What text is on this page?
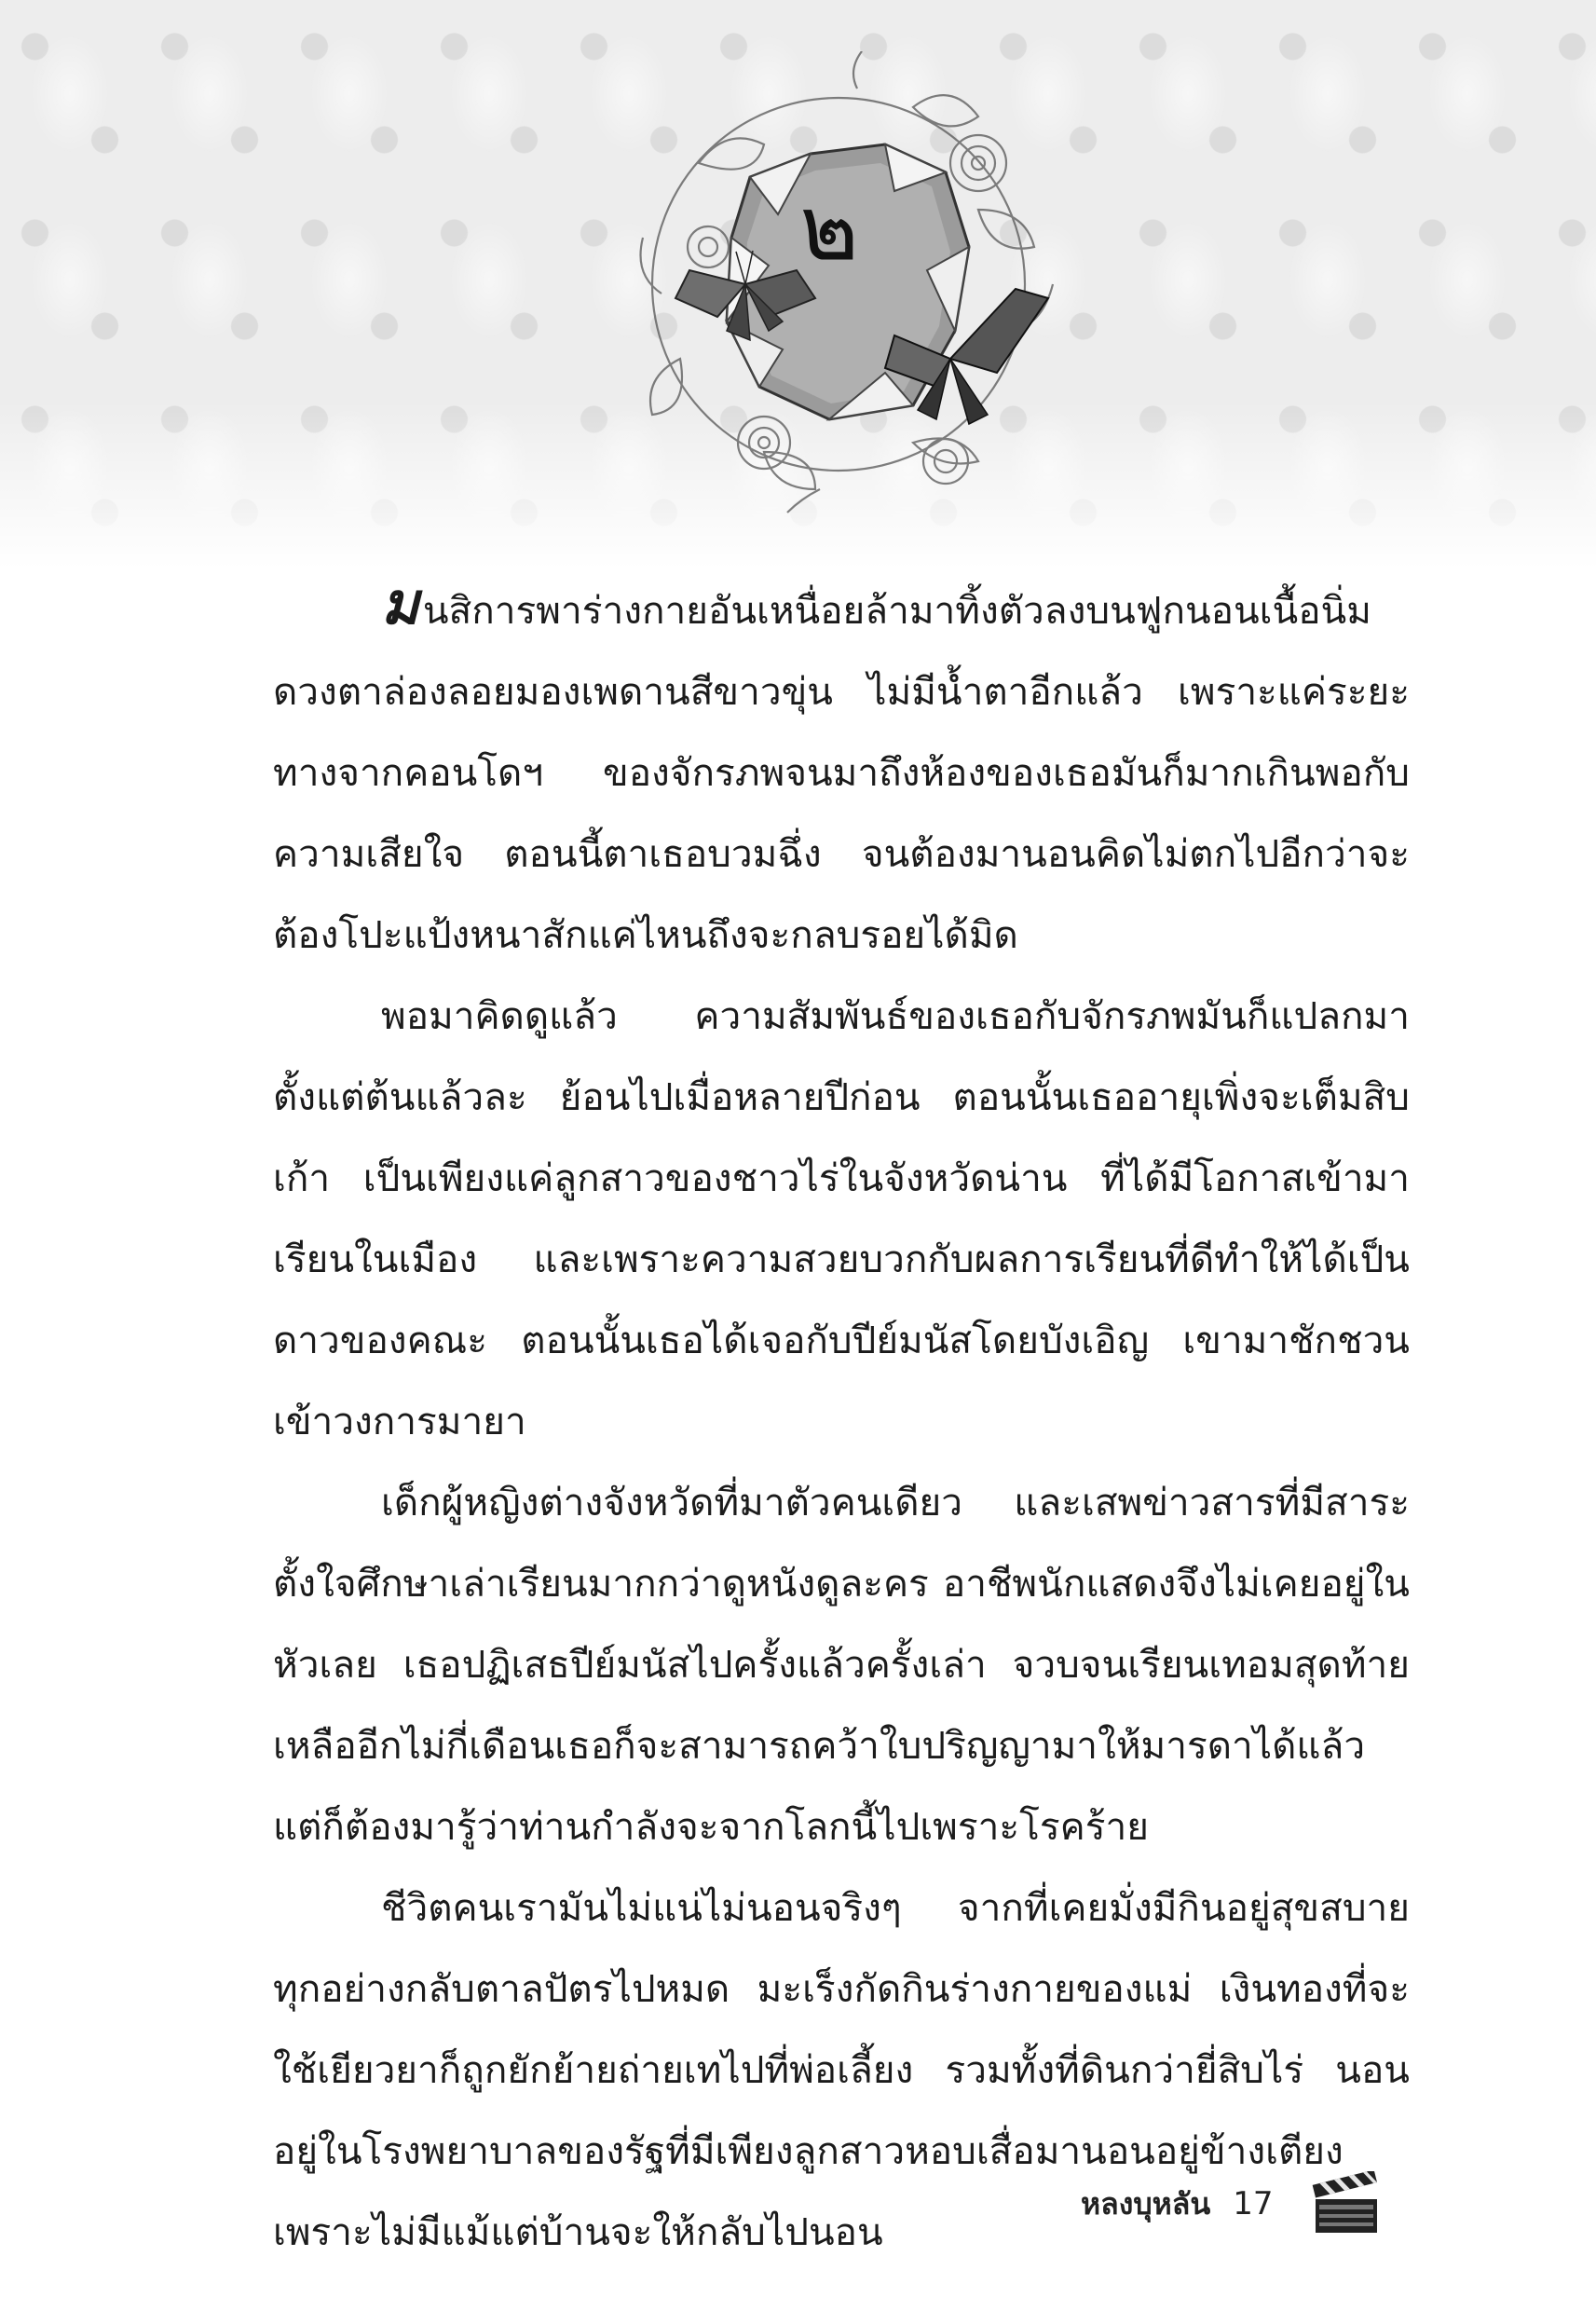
๒

มนสิการพาร่างกายอันเหนื่อยล้ามาทิ้งตัวลงบนฟูกนอนเนื้อนิ่ม ดวงตาล่องลอยมองเพดานสีขาวขุ่น ไม่มีน้ำตาอีกแล้ว เพราะแค่ระยะทางจากคอนโดฯ ของจักรภพจนมาถึงห้องของเธอมันก็มากเกินพอกับความเสียใจ ตอนนี้ตาเธอบวมฉึ่ง จนต้องมานอนคิดไม่ตกไปอีกว่าจะต้องโปะแป้งหนาสักแค่ไหนถึงจะกลบรอยได้มิด

พอมาคิดดูแล้ว ความสัมพันธ์ของเธอกับจักรภพมันก็แปลกมาตั้งแต่ต้นแล้วละ ย้อนไปเมื่อหลายปีก่อน ตอนนั้นเธออายุเพิ่งจะเต็มสิบเก้า เป็นเพียงแค่ลูกสาวของชาวไร่ในจังหวัดน่าน ที่ได้มีโอกาสเข้ามาเรียนในเมือง และเพราะความสวยบวกกับผลการเรียนที่ดีทำให้ได้เป็นดาวของคณะ ตอนนั้นเธอได้เจอกับปีย์มนัสโดยบังเอิญ เขามาชักชวนเข้าวงการมายา

เด็กผู้หญิงต่างจังหวัดที่มาตัวคนเดียว และเสพข่าวสารที่มีสาระตั้งใจศึกษาเล่าเรียนมากกว่าดูหนังดูละคร อาชีพนักแสดงจึงไม่เคยอยู่ในหัวเลย เธอปฏิเสธปีย์มนัสไปครั้งแล้วครั้งเล่า จวบจนเรียนเทอมสุดท้าย เหลืออีกไม่กี่เดือนเธอก็จะสามารถคว้าใบปริญญามาให้มารดาได้แล้ว แต่ก็ต้องมารู้ว่าท่านกำลังจะจากโลกนี้ไปเพราะโรคร้าย

ชีวิตคนเรามันไม่แน่ไม่นอนจริงๆ จากที่เคยมั่งมีกินอยู่สุขสบายทุกอย่างกลับตาลปัตรไปหมด มะเร็งกัดกินร่างกายของแม่ เงินทองที่จะใช้เยียวยาก็ถูกยักย้ายถ่ายเทไปที่พ่อเลี้ยง รวมทั้งที่ดินกว่ายี่สิบไร่ นอนอยู่ในโรงพยาบาลของรัฐที่มีเพียงลูกสาวหอบเสื่อมานอนอยู่ข้างเตียงเพราะไม่มีแม้แต่บ้านจะให้กลับไปนอน

หลงบุหลัน 17
